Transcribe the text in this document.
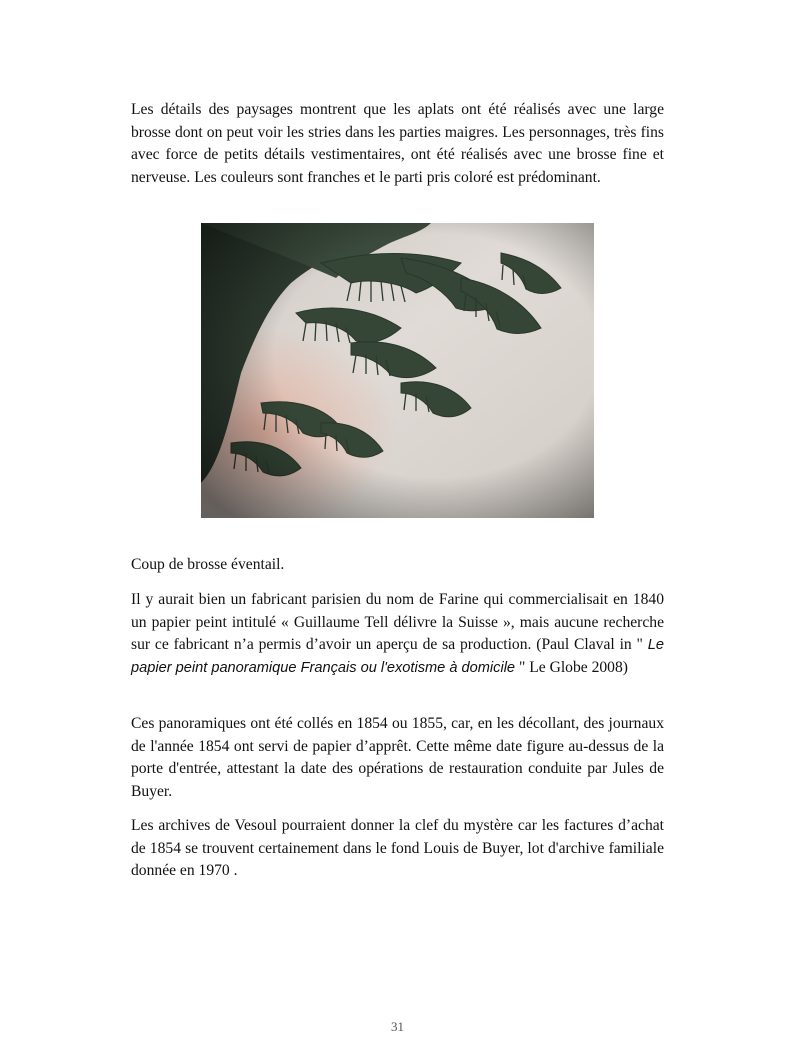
Les détails des paysages montrent que les aplats ont été réalisés avec une large brosse dont on peut voir les stries dans les parties maigres. Les personnages, très fins avec force de petits détails vestimentaires, ont été réalisés avec une brosse fine et nerveuse. Les couleurs sont franches et le parti pris coloré est prédominant.

Coup de brosse éventail.

Il y aurait bien un fabricant parisien du nom de Farine qui commercialisait en 1840 un papier peint intitulé « Guillaume Tell délivre la Suisse », mais aucune recherche sur ce fabricant n’a permis d’avoir un aperçu de sa production. (Paul Claval in " Le papier peint panoramique Français ou l'exotisme à domicile " Le Globe 2008)

Ces panoramiques ont été collés en 1854 ou 1855, car, en les décollant, des journaux de l'année 1854 ont servi de papier d’apprêt. Cette même date figure au-dessus de la porte d'entrée, attestant la date des opérations de restauration conduite par Jules de Buyer.

Les archives de Vesoul pourraient donner la clef du mystère car les factures d’achat de 1854 se trouvent certainement dans le fond Louis de Buyer, lot d'archive familiale donnée en 1970 .

31
